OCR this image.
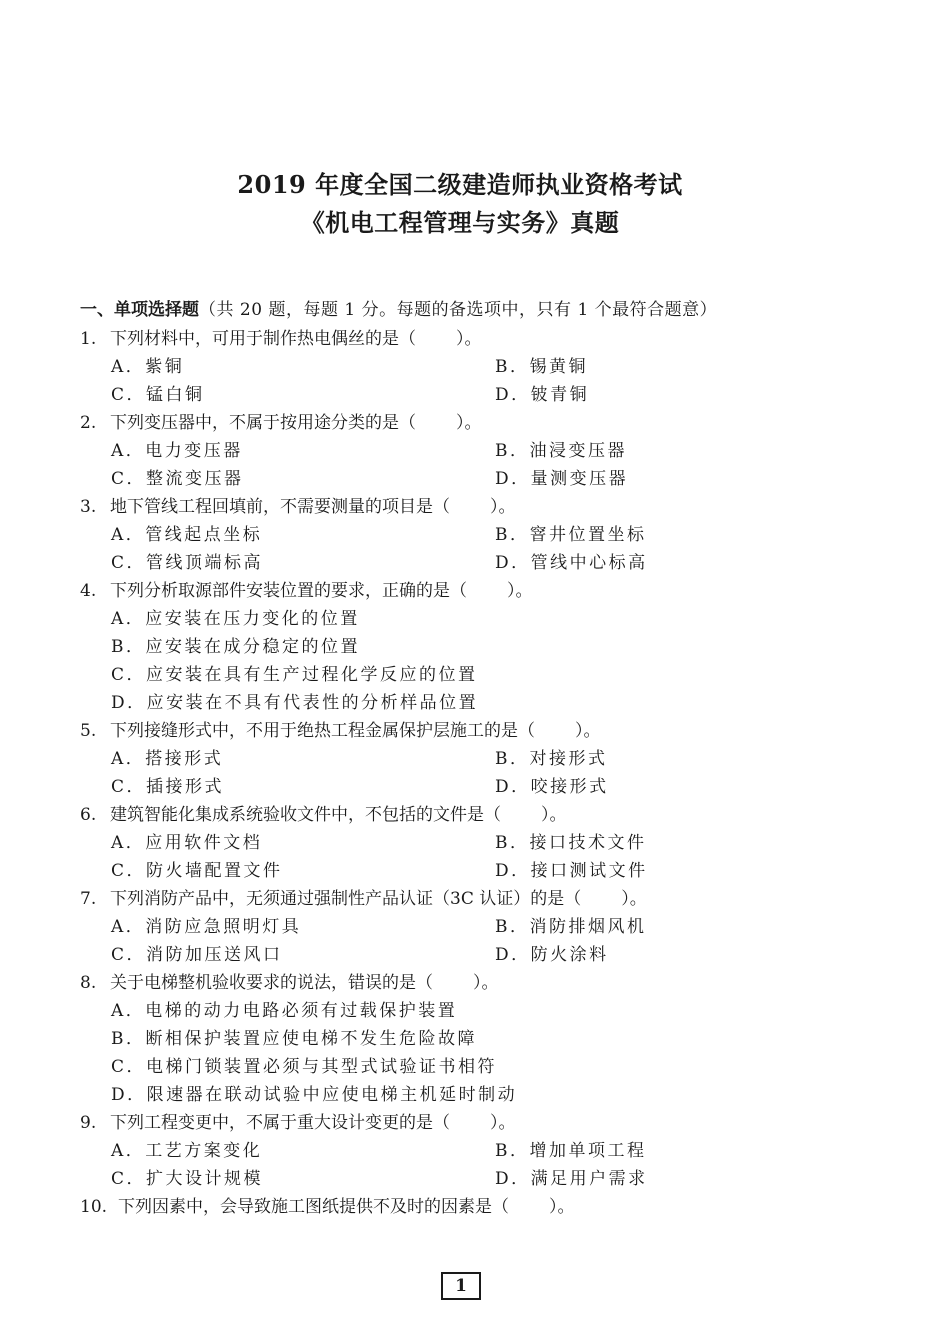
2019 年度全国二级建造师执业资格考试
《机电工程管理与实务》真题
一、单项选择题（共 20 题，每题 1 分。每题的备选项中，只有 1 个最符合题意）
1. 下列材料中，可用于制作热电偶丝的是（ ）。
A．紫铜	B．锡黄铜
C．锰白铜	D．铍青铜
2. 下列变压器中，不属于按用途分类的是（ ）。
A．电力变压器	B．油浸变压器
C．整流变压器	D．量测变压器
3. 地下管线工程回填前，不需要测量的项目是（ ）。
A．管线起点坐标	B．窨井位置坐标
C．管线顶端标高	D．管线中心标高
4. 下列分析取源部件安装位置的要求，正确的是（ ）。
A．应安装在压力变化的位置
B．应安装在成分稳定的位置
C．应安装在具有生产过程化学反应的位置
D．应安装在不具有代表性的分析样品位置
5. 下列接缝形式中，不用于绝热工程金属保护层施工的是（ ）。
A．搭接形式	B．对接形式
C．插接形式	D．咬接形式
6. 建筑智能化集成系统验收文件中，不包括的文件是（ ）。
A．应用软件文档	B．接口技术文件
C．防火墙配置文件	D．接口测试文件
7. 下列消防产品中，无须通过强制性产品认证（3C 认证）的是（ ）。
A．消防应急照明灯具	B．消防排烟风机
C．消防加压送风口	D．防火涂料
8. 关于电梯整机验收要求的说法，错误的是（ ）。
A．电梯的动力电路必须有过载保护装置
B．断相保护装置应使电梯不发生危险故障
C．电梯门锁装置必须与其型式试验证书相符
D．限速器在联动试验中应使电梯主机延时制动
9. 下列工程变更中，不属于重大设计变更的是（ ）。
A．工艺方案变化	B．增加单项工程
C．扩大设计规模	D．满足用户需求
10. 下列因素中，会导致施工图纸提供不及时的因素是（ ）。
1
